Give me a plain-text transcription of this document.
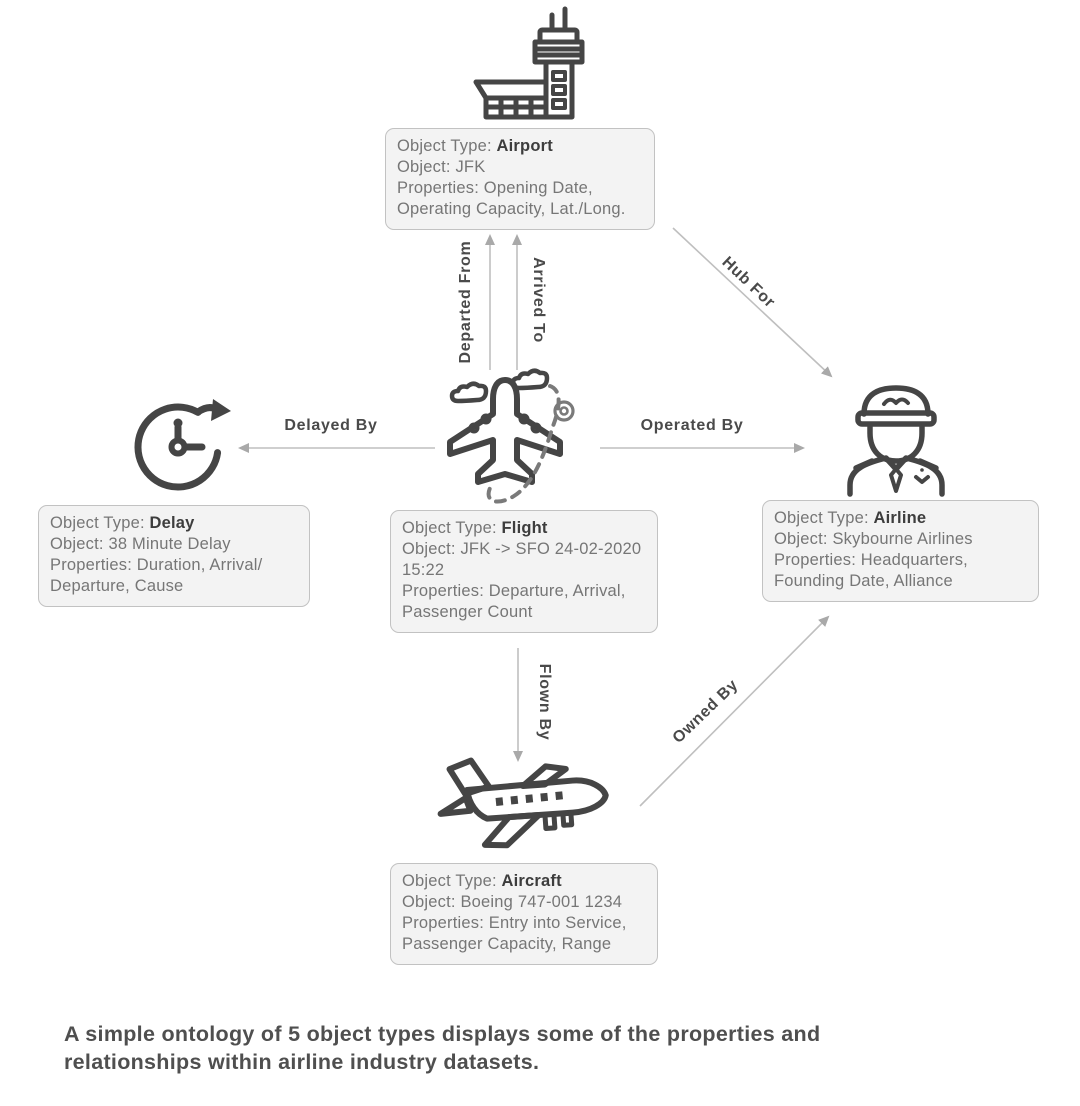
Departed From	Arrived To	Hub For
Delayed By	Operated By
Flown By	Owned By
Object Type: Airport
Object: JFK
Properties: Opening Date, Operating Capacity, Lat./Long.
Object Type: Delay
Object: 38 Minute Delay
Properties: Duration, Arrival/ Departure, Cause
Object Type: Flight
Object: JFK -> SFO 24-02-2020 15:22
Properties: Departure, Arrival, Passenger Count
Object Type: Airline
Object: Skybourne Airlines
Properties: Headquarters, Founding Date, Alliance
Object Type: Aircraft
Object: Boeing 747-001 1234
Properties: Entry into Service, Passenger Capacity, Range
A simple ontology of 5 object types displays some of the properties and relationships within airline industry datasets.
